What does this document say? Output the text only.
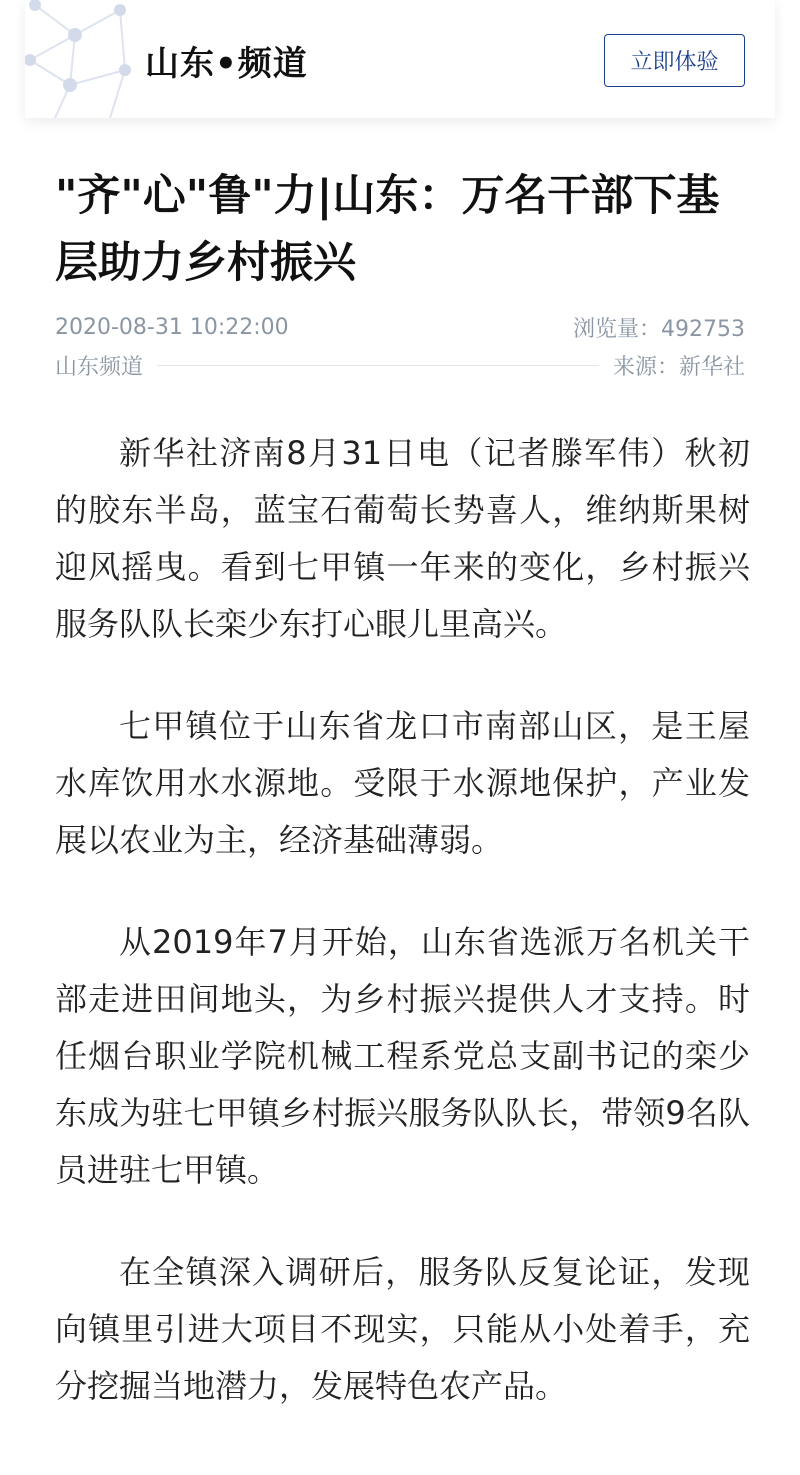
山东•频道	立即体验
"齐"心"鲁"力|山东：万名干部下基层助力乡村振兴
2020-08-31 10:22:00	浏览量：492753
山东频道	来源：新华社

新华社济南8月31日电（记者滕军伟）秋初的胶东半岛，蓝宝石葡萄长势喜人，维纳斯果树迎风摇曳。看到七甲镇一年来的变化，乡村振兴服务队队长栾少东打心眼儿里高兴。

七甲镇位于山东省龙口市南部山区，是王屋水库饮用水水源地。受限于水源地保护，产业发展以农业为主，经济基础薄弱。

从2019年7月开始，山东省选派万名机关干部走进田间地头，为乡村振兴提供人才支持。时任烟台职业学院机械工程系党总支副书记的栾少东成为驻七甲镇乡村振兴服务队队长，带领9名队员进驻七甲镇。

在全镇深入调研后，服务队反复论证，发现向镇里引进大项目不现实，只能从小处着手，充分挖掘当地潜力，发展特色农产品。
